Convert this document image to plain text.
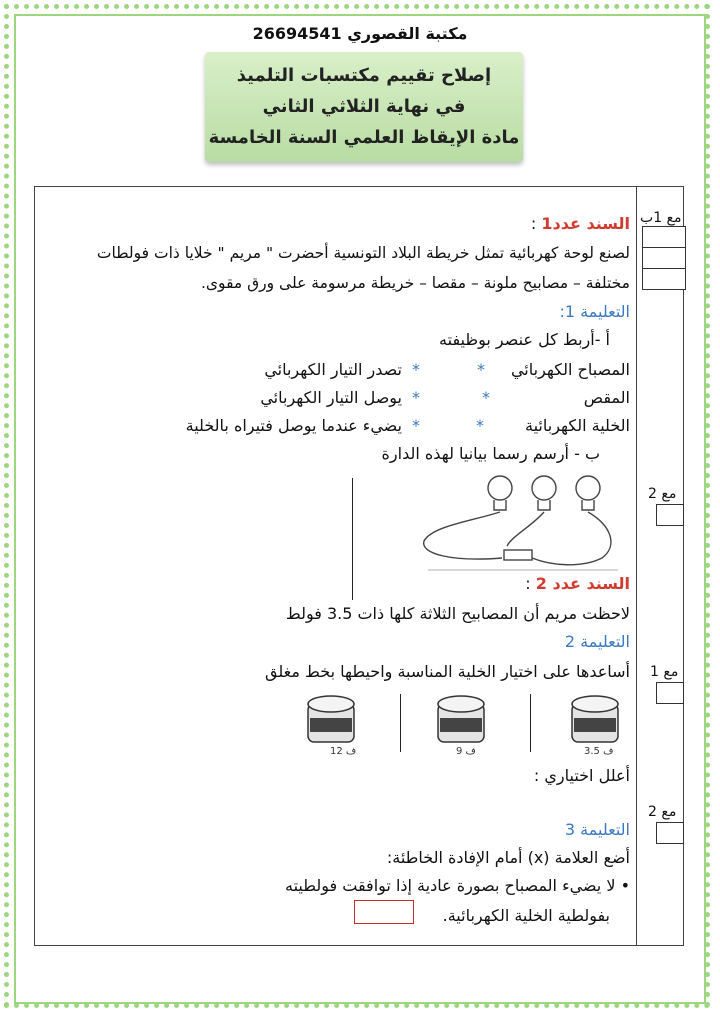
مكتبة القصوري 26694541
إصلاح تقييم مكتسبات التلميذ
في نهاية الثلاثي الثاني
مادة الإيقاظ العلمي السنة الخامسة
مع 1ب
مع 2
مع 1
مع 2
السند عدد1 :
لصنع لوحة كهربائية تمثل خريطة البلاد التونسية أحضرت " مريم " خلايا ذات فولطات
مختلفة – مصابيح ملونة – مقصا – خريطة مرسومة على ورق مقوى.
التعليمة 1:
أ -أربط كل عنصر بوظيفته
المصباح الكهربائي
المقص
الخلية الكهربائية
*
*
*
*
*
*
تصدر التيار الكهربائي
يوصل التيار الكهربائي
يضيء عندما يوصل فتيراه بالخلية
ب - أرسم رسما بيانيا لهذه الدارة
السند عدد 2 :
لاحظت مريم أن المصابيح الثلاثة كلها ذات 3.5 فولط
التعليمة 2
أساعدها على اختيار الخلية المناسبة واحيطها بخط مغلق
3.5 ف
9 ف
12 ف
أعلل اختياري :
التعليمة 3
أضع العلامة (x) أمام الإفادة الخاطئة:
• لا يضيء المصباح بصورة عادية إذا توافقت فولطيته
بفولطية الخلية الكهربائية.
